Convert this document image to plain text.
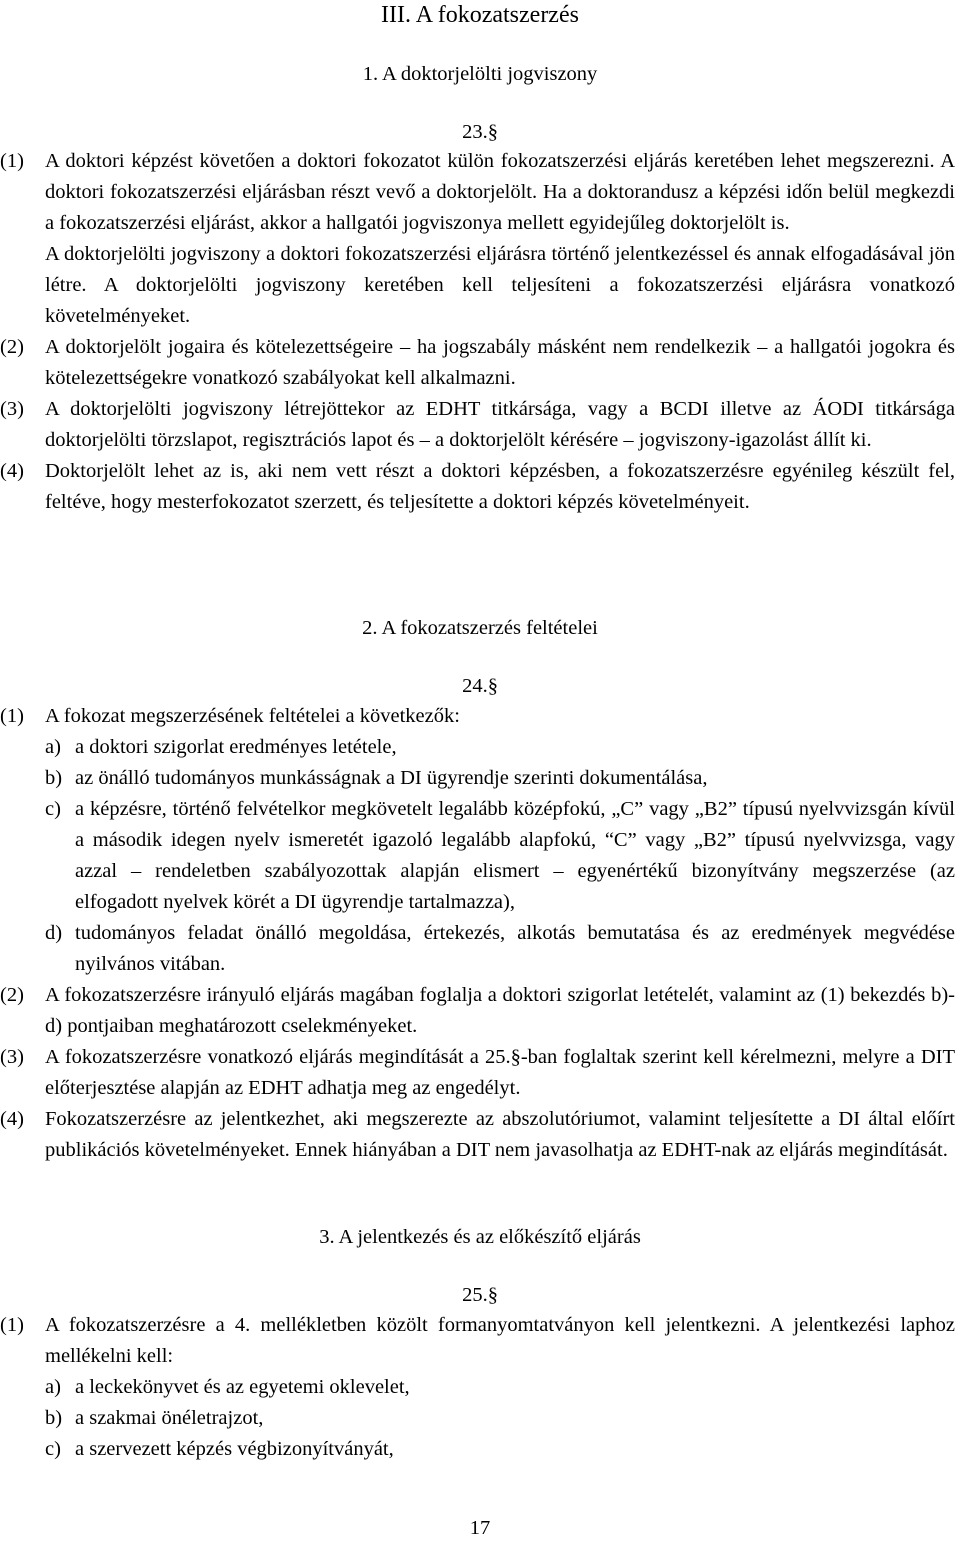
III. A fokozatszerzés
1. A doktorjelölti jogviszony
23.§
(1) A doktori képzést követően a doktori fokozatot külön fokozatszerzési eljárás keretében lehet megszerezni. A doktori fokozatszerzési eljárásban részt vevő a doktorjelölt. Ha a doktorandusz a képzési időn belül megkezdi a fokozatszerzési eljárást, akkor a hallgatói jogviszonya mellett egyidejűleg doktorjelölt is.
A doktorjelölti jogviszony a doktori fokozatszerzési eljárásra történő jelentkezéssel és annak elfogadásával jön létre. A doktorjelölti jogviszony keretében kell teljesíteni a fokozatszerzési eljárásra vonatkozó követelményeket.
(2) A doktorjelölt jogaira és kötelezettségeire – ha jogszabály másként nem rendelkezik – a hallgatói jogokra és kötelezettségekre vonatkozó szabályokat kell alkalmazni.
(3) A doktorjelölti jogviszony létrejöttekor az EDHT titkársága, vagy a BCDI illetve az ÁODI titkársága doktorjelölti törzslapot, regisztrációs lapot és – a doktorjelölt kérésére – jogviszony-igazolást állít ki.
(4) Doktorjelölt lehet az is, aki nem vett részt a doktori képzésben, a fokozatszerzésre egyénileg készült fel, feltéve, hogy mesterfokozatot szerzett, és teljesítette a doktori képzés követelményeit.
2. A fokozatszerzés feltételei
24.§
(1) A fokozat megszerzésének feltételei a következők:
a) a doktori szigorlat eredményes letétele,
b) az önálló tudományos munkásságnak a DI ügyrendje szerinti dokumentálása,
c) a képzésre, történő felvételkor megkövetelt legalább középfokú, „C” vagy „B2” típusú nyelvvizsgán kívül a második idegen nyelv ismeretét igazoló legalább alapfokú, “C” vagy „B2” típusú nyelvvizsga, vagy azzal – rendeletben szabályozottak alapján elismert – egyenértékű bizonyítvány megszerzése (az elfogadott nyelvek körét a DI ügyrendje tartalmazza),
d) tudományos feladat önálló megoldása, értekezés, alkotás bemutatása és az eredmények megvédése nyilvános vitában.
(2) A fokozatszerzésre irányuló eljárás magában foglalja a doktori szigorlat letételét, valamint az (1) bekezdés b)-d) pontjaiban meghatározott cselekményeket.
(3) A fokozatszerzésre vonatkozó eljárás megindítását a 25.§-ban foglaltak szerint kell kérelmezni, melyre a DIT előterjesztése alapján az EDHT adhatja meg az engedélyt.
(4) Fokozatszerzésre az jelentkezhet, aki megszerezte az abszolutóriumot, valamint teljesítette a DI által előírt publikációs követelményeket. Ennek hiányában a DIT nem javasolhatja az EDHT-nak az eljárás megindítását.
3. A jelentkezés és az előkészítő eljárás
25.§
(1) A fokozatszerzésre a 4. mellékletben közölt formanyomtatványon kell jelentkezni. A jelentkezési laphoz mellékelni kell:
a) a leckekönyvet és az egyetemi oklevelet,
b) a szakmai önéletrajzot,
c) a szervezett képzés végbizonyítványát,
17
